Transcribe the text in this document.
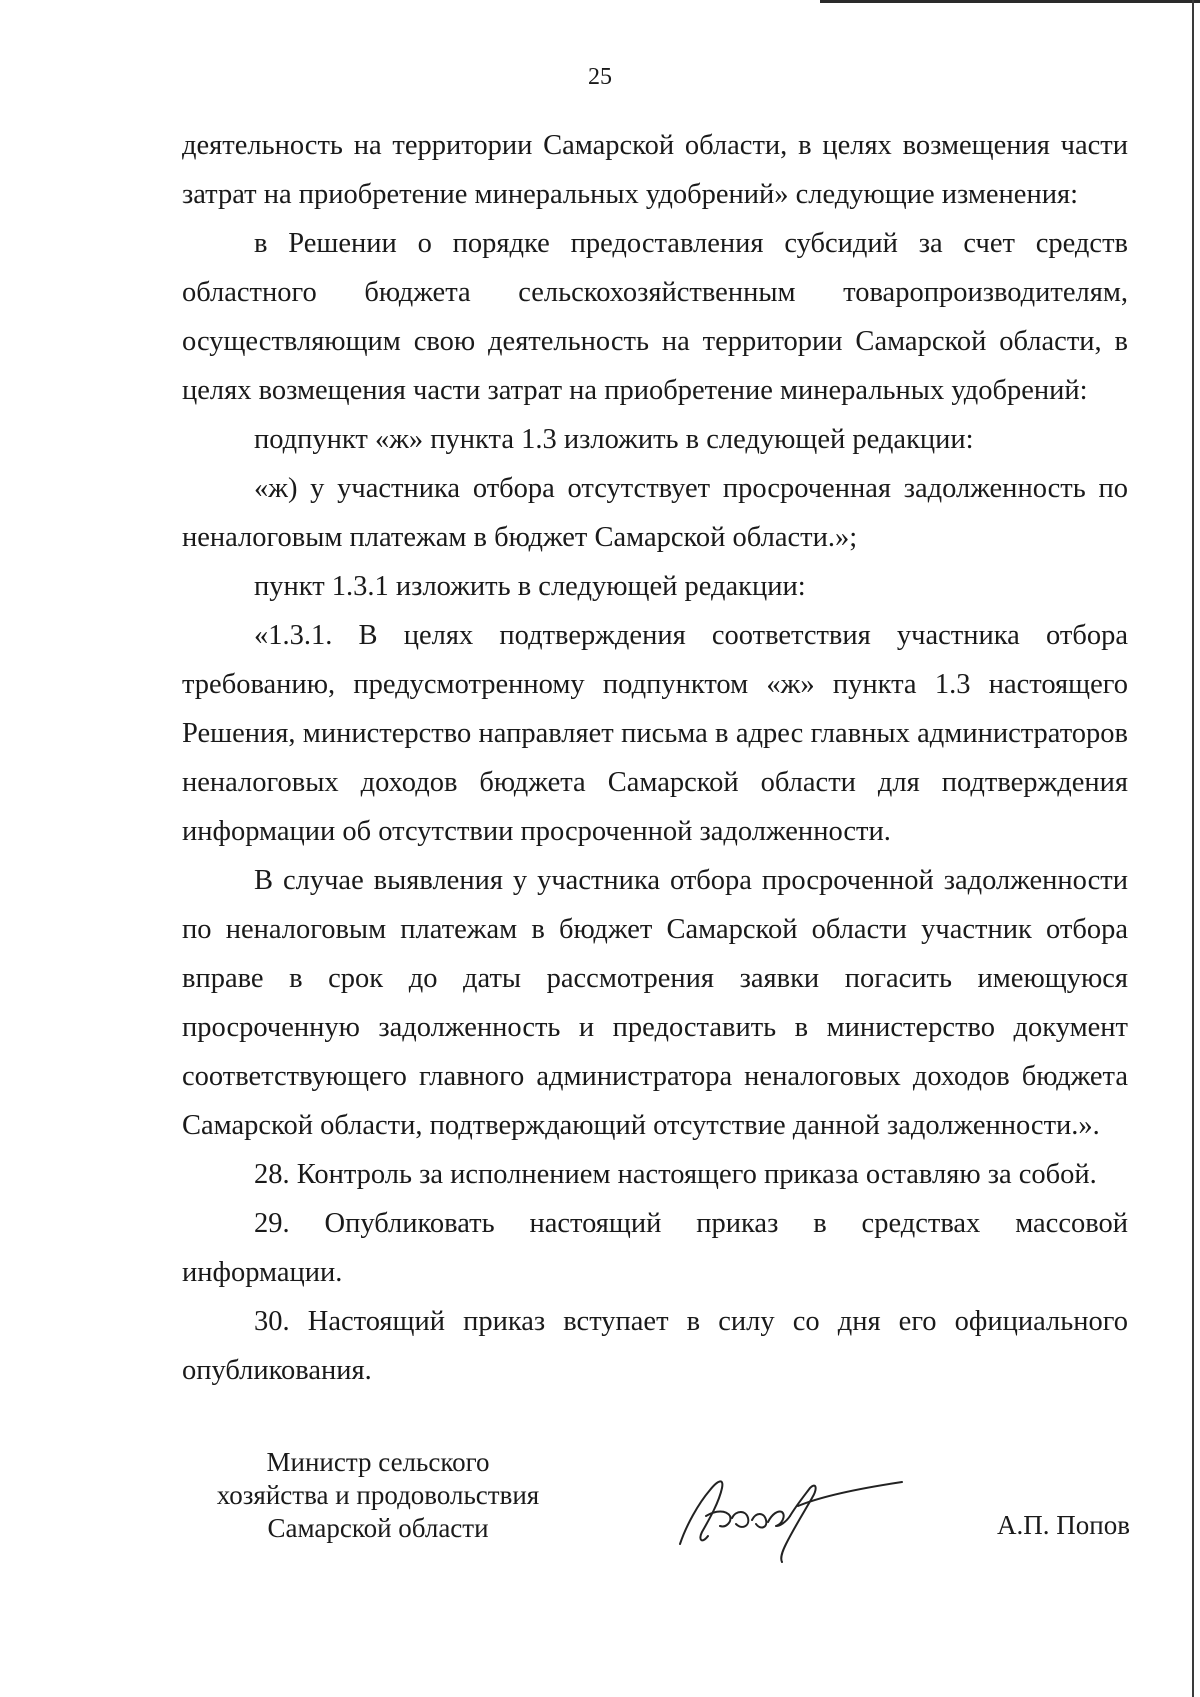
25

деятельность на территории Самарской области, в целях возмещения части затрат на приобретение минеральных удобрений» следующие изменения:

в Решении о порядке предоставления субсидий за счет средств областного бюджета сельскохозяйственным товаропроизводителям, осуществляющим свою деятельность на территории Самарской области, в целях возмещения части затрат на приобретение минеральных удобрений:

подпункт «ж» пункта 1.3 изложить в следующей редакции:

«ж) у участника отбора отсутствует просроченная задолженность по неналоговым платежам в бюджет Самарской области.»;

пункт 1.3.1 изложить в следующей редакции:

«1.3.1. В целях подтверждения соответствия участника отбора требованию, предусмотренному подпунктом «ж» пункта 1.3 настоящего Решения, министерство направляет письма в адрес главных администраторов неналоговых доходов бюджета Самарской области для подтверждения информации об отсутствии просроченной задолженности.

В случае выявления у участника отбора просроченной задолженности по неналоговым платежам в бюджет Самарской области участник отбора вправе в срок до даты рассмотрения заявки погасить имеющуюся просроченную задолженность и предоставить в министерство документ соответствующего главного администратора неналоговых доходов бюджета Самарской области, подтверждающий отсутствие данной задолженности.».

28. Контроль за исполнением настоящего приказа оставляю за собой.

29. Опубликовать настоящий приказ в средствах массовой информации.

30. Настоящий приказ вступает в силу со дня его официального опубликования.

Министр сельского
хозяйства и продовольствия
Самарской области	А.П. Попов
